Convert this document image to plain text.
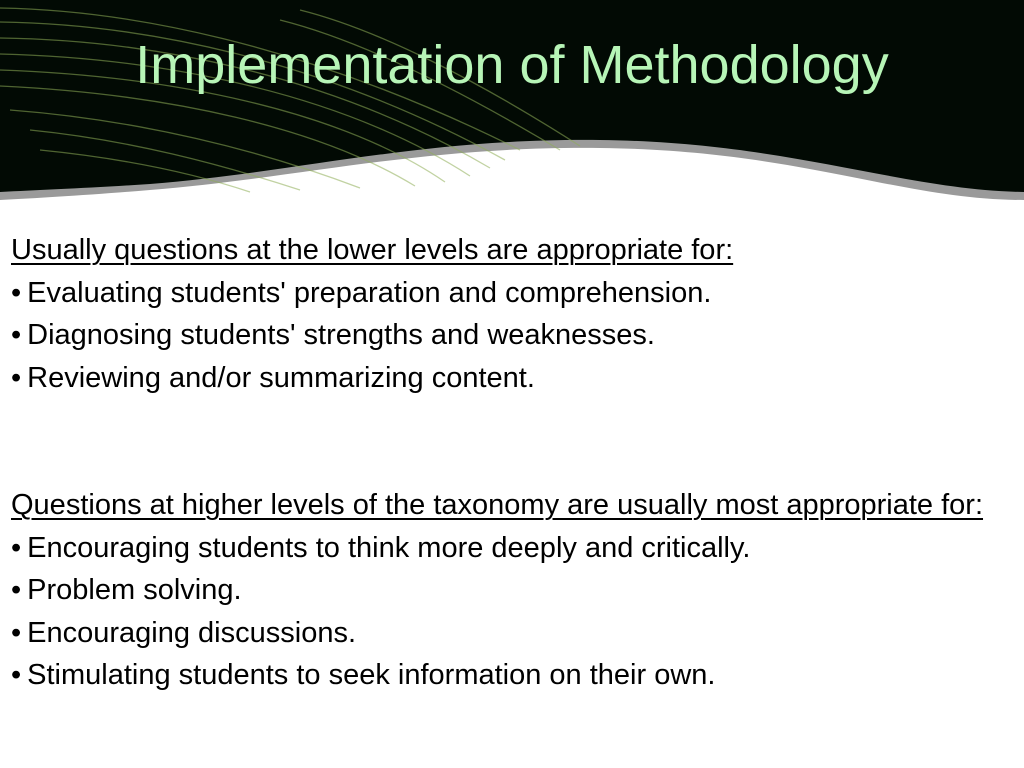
Implementation of Methodology

Usually questions at the lower levels are appropriate for:

• Evaluating students' preparation and comprehension.
• Diagnosing students' strengths and weaknesses.
• Reviewing and/or summarizing content.

Questions at higher levels of the taxonomy are usually most appropriate for:

• Encouraging students to think more deeply and critically.
• Problem solving.
• Encouraging discussions.
• Stimulating students to seek information on their own.
